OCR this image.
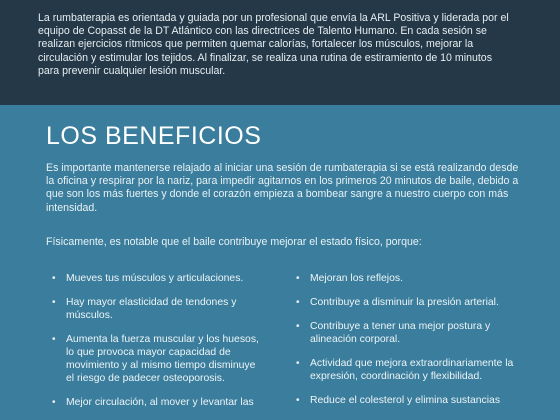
La rumbaterapia es orientada y guiada por un profesional que envía la ARL Positiva y liderada por el equipo de Copasst de la DT Atlántico con las directrices de Talento Humano. En cada sesión se realizan ejercicios rítmicos que permiten quemar calorías, fortalecer los músculos, mejorar la circulación y estimular los tejidos. Al finalizar, se realiza una rutina de estiramiento de 10 minutos para prevenir cualquier lesión muscular.

LOS BENEFICIOS

Es importante mantenerse relajado al iniciar una sesión de rumbaterapia si se está realizando desde la oficina y respirar por la nariz, para impedir agitarnos en los primeros 20 minutos de baile, debido a que son los más fuertes y donde el corazón empieza a bombear sangre a nuestro cuerpo con más intensidad.

Físicamente, es notable que el baile contribuye mejorar el estado físico, porque:

• Mueves tus músculos y articulaciones.
• Hay mayor elasticidad de tendones y músculos.
• Aumenta la fuerza muscular y los huesos, lo que provoca mayor capacidad de movimiento y al mismo tiempo disminuye el riesgo de padecer osteoporosis.
• Mejor circulación, al mover y levantar las
• Mejoran los reflejos.
• Contribuye a disminuir la presión arterial.
• Contribuye a tener una mejor postura y alineación corporal.
• Actividad que mejora extraordinariamente la expresión, coordinación y flexibilidad.
• Reduce el colesterol y elimina sustancias
